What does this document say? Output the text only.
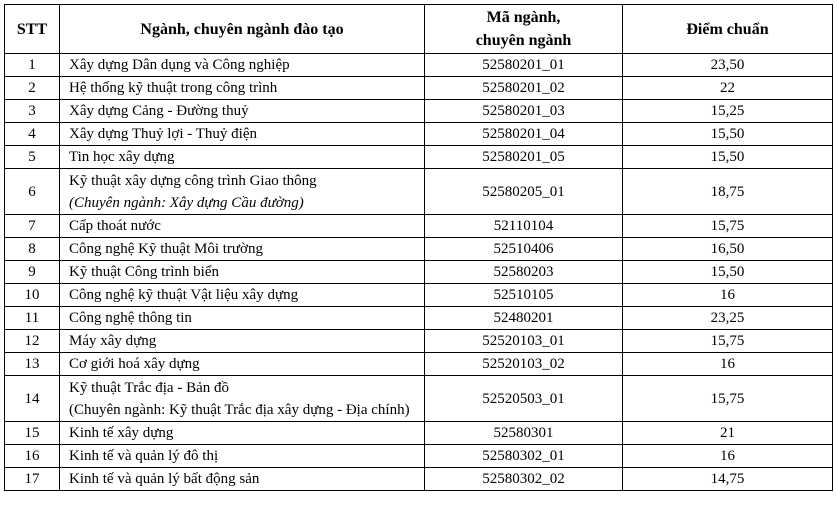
STT	Ngành, chuyên ngành đào tạo	Mã ngành,
chuyên ngành	Điểm chuẩn
1	Xây dựng Dân dụng và Công nghiệp	52580201_01	23,50
2	Hệ thống kỹ thuật trong công trình	52580201_02	22
3	Xây dựng Cảng - Đường thuỷ	52580201_03	15,25
4	Xây dựng Thuỷ lợi - Thuỷ điện	52580201_04	15,50
5	Tin học xây dựng	52580201_05	15,50
6	Kỹ thuật xây dựng công trình Giao thông
(Chuyên ngành: Xây dựng Cầu đường)	52580205_01	18,75
7	Cấp thoát nước	52110104	15,75
8	Công nghệ Kỹ thuật Môi trường	52510406	16,50
9	Kỹ thuật Công trình biển	52580203	15,50
10	Công nghệ kỹ thuật Vật liệu xây dựng	52510105	16
11	Công nghệ thông tin	52480201	23,25
12	Máy xây dựng	52520103_01	15,75
13	Cơ giới hoá xây dựng	52520103_02	16
14	Kỹ thuật Trắc địa - Bản đồ
(Chuyên ngành: Kỹ thuật Trắc địa xây dựng - Địa chính)	52520503_01	15,75
15	Kinh tế xây dựng	52580301	21
16	Kinh tế và quản lý đô thị	52580302_01	16
17	Kinh tế và quản lý bất động sản	52580302_02	14,75
